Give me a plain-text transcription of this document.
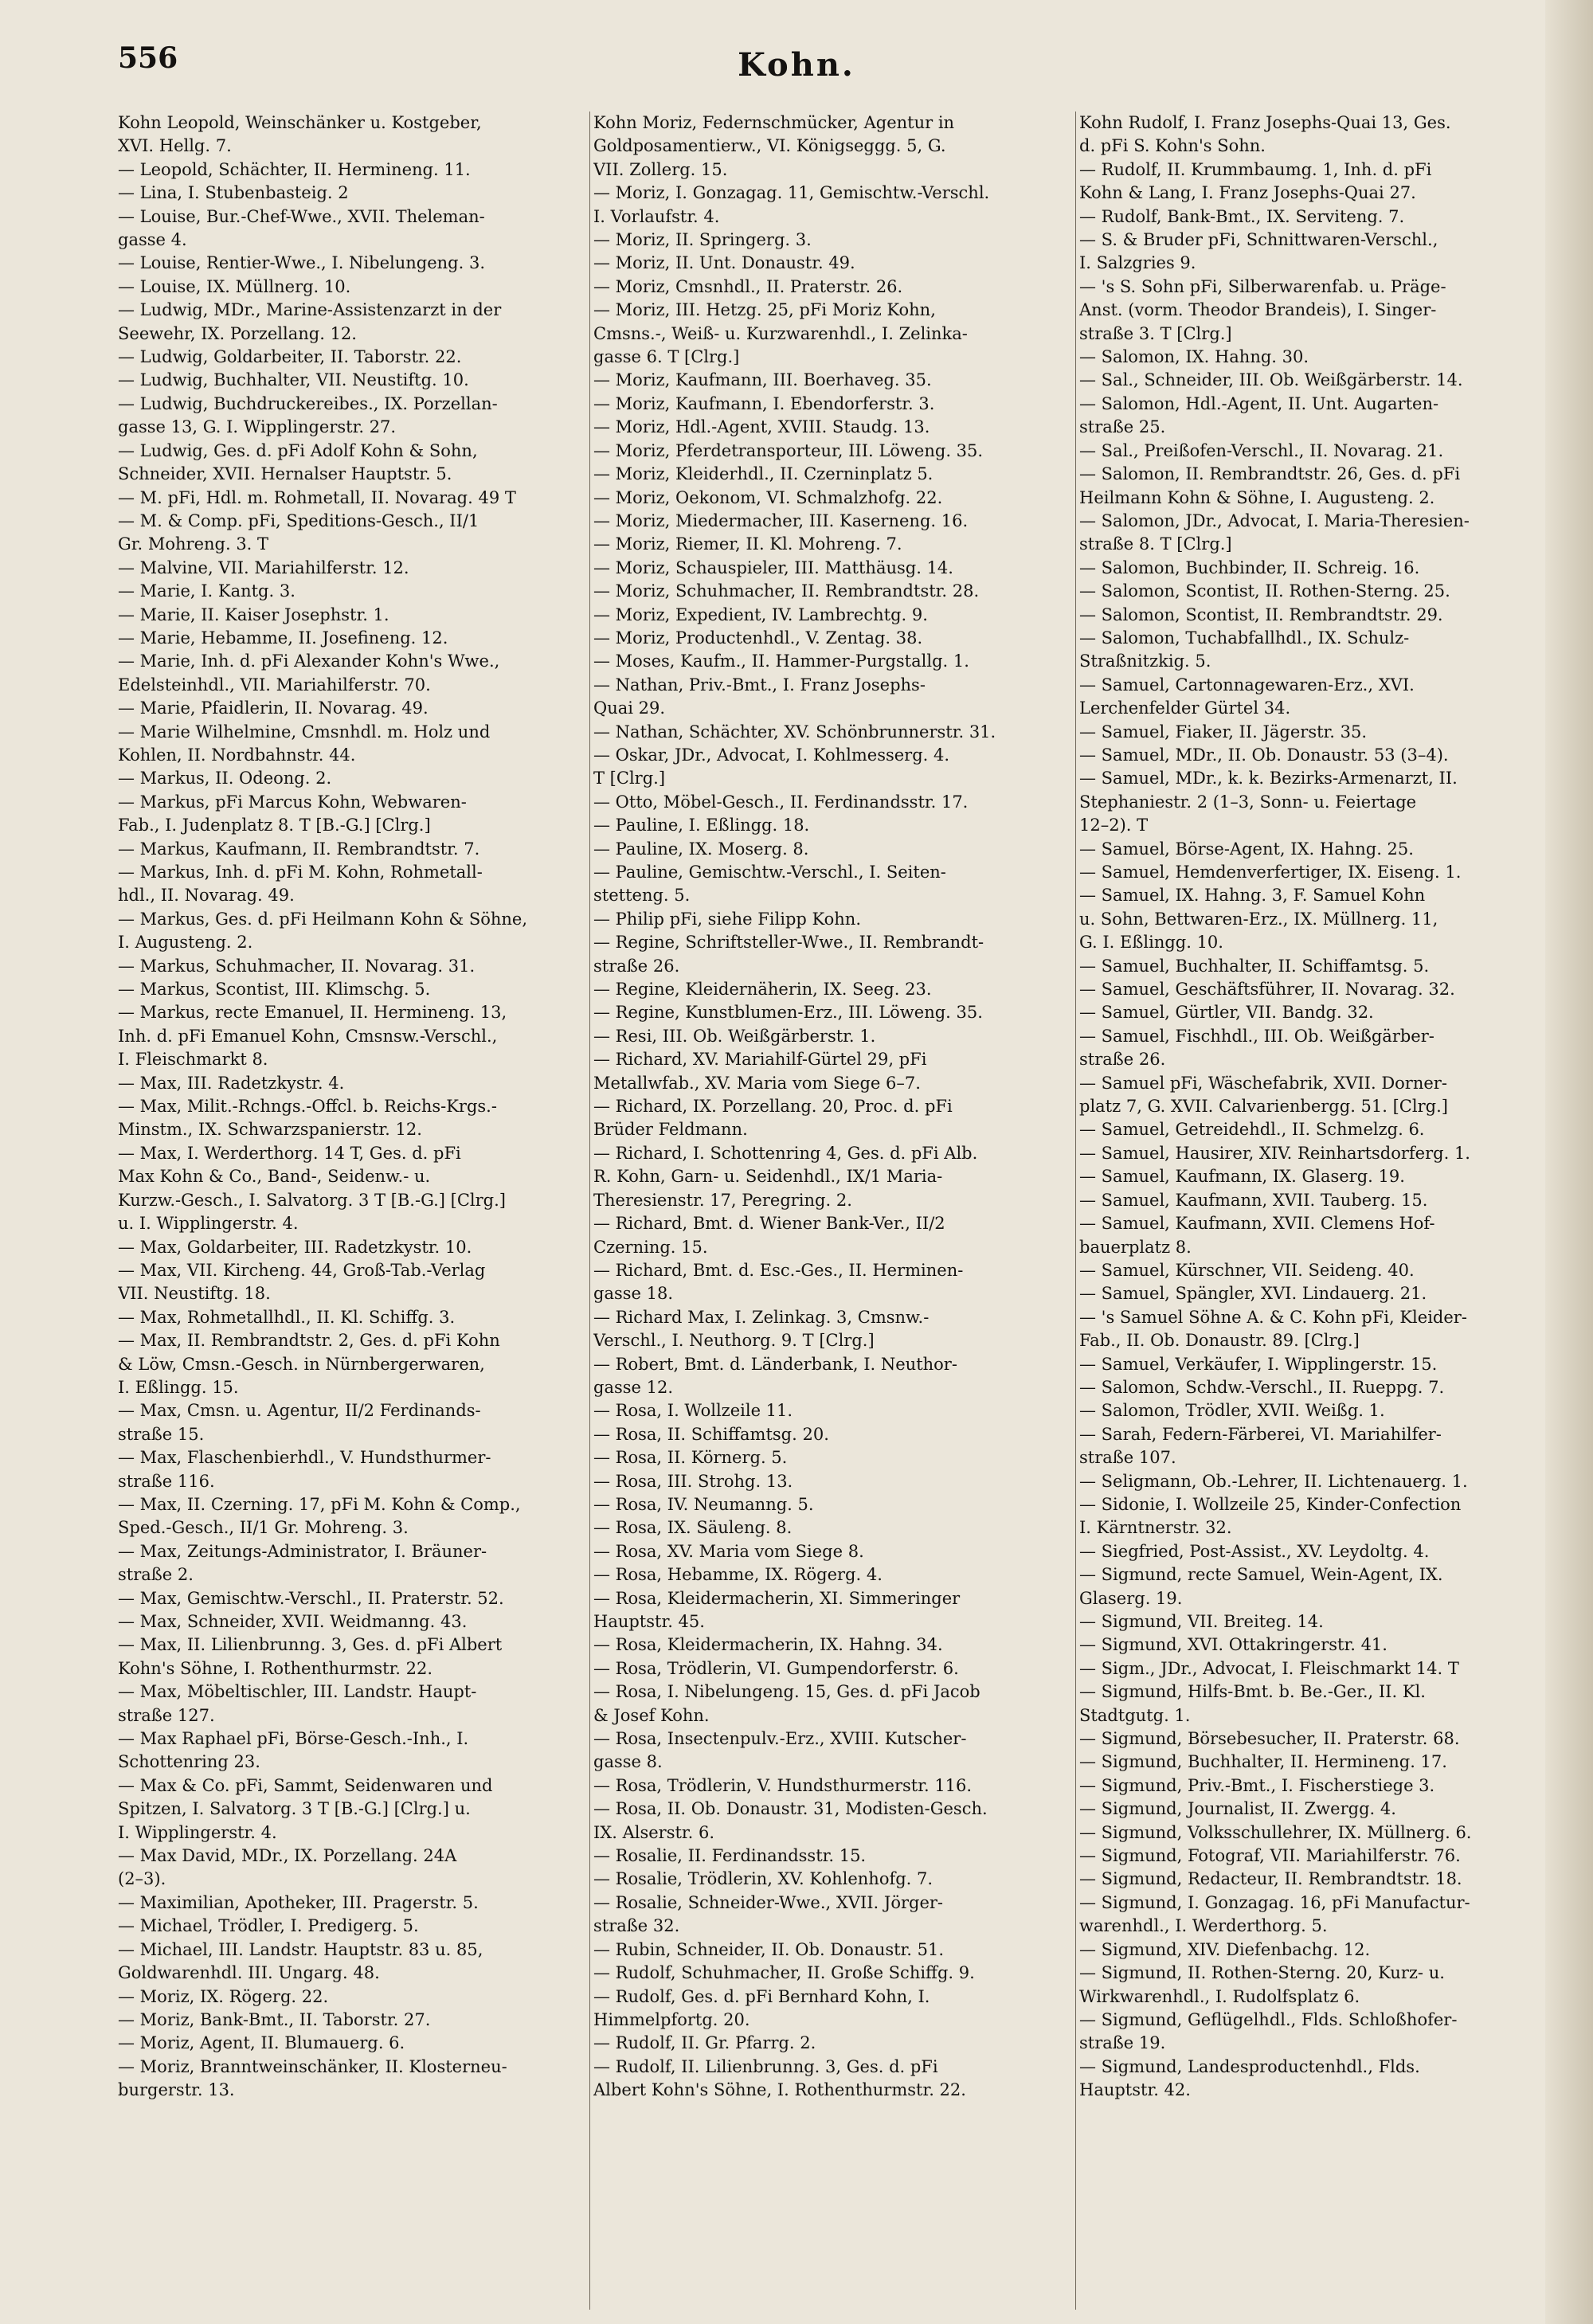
556	Kohn.
Kohn Leopold, Weinschänker u. Kostgeber,
XVI. Hellg. 7.
— Leopold, Schächter, II. Hermineng. 11.
— Lina, I. Stubenbasteig. 2
— Louise, Bur.-Chef-Wwe., XVII. Theleman-
gasse 4.
— Louise, Rentier-Wwe., I. Nibelungeng. 3.
— Louise, IX. Müllnerg. 10.
— Ludwig, MDr., Marine-Assistenzarzt in der
Seewehr, IX. Porzellang. 12.
— Ludwig, Goldarbeiter, II. Taborstr. 22.
— Ludwig, Buchhalter, VII. Neustiftg. 10.
— Ludwig, Buchdruckereibes., IX. Porzellan-
gasse 13, G. I. Wipplingerstr. 27.
— Ludwig, Ges. d. pFi Adolf Kohn & Sohn,
Schneider, XVII. Hernalser Hauptstr. 5.
— M. pFi, Hdl. m. Rohmetall, II. Novarag. 49 T
— M. & Comp. pFi, Speditions-Gesch., II/1
Gr. Mohreng. 3. T
— Malvine, VII. Mariahilferstr. 12.
— Marie, I. Kantg. 3.
— Marie, II. Kaiser Josephstr. 1.
— Marie, Hebamme, II. Josefineng. 12.
— Marie, Inh. d. pFi Alexander Kohn's Wwe.,
Edelsteinhdl., VII. Mariahilferstr. 70.
— Marie, Pfaidlerin, II. Novarag. 49.
— Marie Wilhelmine, Cmsnhdl. m. Holz und
Kohlen, II. Nordbahnstr. 44.
— Markus, II. Odeong. 2.
— Markus, pFi Marcus Kohn, Webwaren-
Fab., I. Judenplatz 8. T [B.-G.] [Clrg.]
— Markus, Kaufmann, II. Rembrandtstr. 7.
— Markus, Inh. d. pFi M. Kohn, Rohmetall-
hdl., II. Novarag. 49.
— Markus, Ges. d. pFi Heilmann Kohn & Söhne,
I. Augusteng. 2.
— Markus, Schuhmacher, II. Novarag. 31.
— Markus, Scontist, III. Klimschg. 5.
— Markus, recte Emanuel, II. Hermineng. 13,
Inh. d. pFi Emanuel Kohn, Cmsnsw.-Verschl.,
I. Fleischmarkt 8.
— Max, III. Radetzkystr. 4.
— Max, Milit.-Rchngs.-Offcl. b. Reichs-Krgs.-
Minstm., IX. Schwarzspanierstr. 12.
— Max, I. Werderthorg. 14 T, Ges. d. pFi
Max Kohn & Co., Band-, Seidenw.- u.
Kurzw.-Gesch., I. Salvatorg. 3 T [B.-G.] [Clrg.]
u. I. Wipplingerstr. 4.
— Max, Goldarbeiter, III. Radetzkystr. 10.
— Max, VII. Kircheng. 44, Groß-Tab.-Verlag
VII. Neustiftg. 18.
— Max, Rohmetallhdl., II. Kl. Schiffg. 3.
— Max, II. Rembrandtstr. 2, Ges. d. pFi Kohn
& Löw, Cmsn.-Gesch. in Nürnbergerwaren,
I. Eßlingg. 15.
— Max, Cmsn. u. Agentur, II/2 Ferdinands-
straße 15.
— Max, Flaschenbierhdl., V. Hundsthurmer-
straße 116.
— Max, II. Czerning. 17, pFi M. Kohn & Comp.,
Sped.-Gesch., II/1 Gr. Mohreng. 3.
— Max, Zeitungs-Administrator, I. Bräuner-
straße 2.
— Max, Gemischtw.-Verschl., II. Praterstr. 52.
— Max, Schneider, XVII. Weidmanng. 43.
— Max, II. Lilienbrunng. 3, Ges. d. pFi Albert
Kohn's Söhne, I. Rothenthurmstr. 22.
— Max, Möbeltischler, III. Landstr. Haupt-
straße 127.
— Max Raphael pFi, Börse-Gesch.-Inh., I.
Schottenring 23.
— Max & Co. pFi, Sammt, Seidenwaren und
Spitzen, I. Salvatorg. 3 T [B.-G.] [Clrg.] u.
I. Wipplingerstr. 4.
— Max David, MDr., IX. Porzellang. 24A
(2–3).
— Maximilian, Apotheker, III. Pragerstr. 5.
— Michael, Trödler, I. Predigerg. 5.
— Michael, III. Landstr. Hauptstr. 83 u. 85,
Goldwarenhdl. III. Ungarg. 48.
— Moriz, IX. Rögerg. 22.
— Moriz, Bank-Bmt., II. Taborstr. 27.
— Moriz, Agent, II. Blumauerg. 6.
— Moriz, Branntweinschänker, II. Klosterneu-
burgerstr. 13.
Kohn Moriz, Federnschmücker, Agentur in
Goldposamentierw., VI. Königseggg. 5, G.
VII. Zollerg. 15.
— Moriz, I. Gonzagag. 11, Gemischtw.-Verschl.
I. Vorlaufstr. 4.
— Moriz, II. Springerg. 3.
— Moriz, II. Unt. Donaustr. 49.
— Moriz, Cmsnhdl., II. Praterstr. 26.
— Moriz, III. Hetzg. 25, pFi Moriz Kohn,
Cmsns.-, Weiß- u. Kurzwarenhdl., I. Zelinka-
gasse 6. T [Clrg.]
— Moriz, Kaufmann, III. Boerhaveg. 35.
— Moriz, Kaufmann, I. Ebendorferstr. 3.
— Moriz, Hdl.-Agent, XVIII. Staudg. 13.
— Moriz, Pferdetransporteur, III. Löweng. 35.
— Moriz, Kleiderhdl., II. Czerninplatz 5.
— Moriz, Oekonom, VI. Schmalzhofg. 22.
— Moriz, Miedermacher, III. Kaserneng. 16.
— Moriz, Riemer, II. Kl. Mohreng. 7.
— Moriz, Schauspieler, III. Matthäusg. 14.
— Moriz, Schuhmacher, II. Rembrandtstr. 28.
— Moriz, Expedient, IV. Lambrechtg. 9.
— Moriz, Productenhdl., V. Zentag. 38.
— Moses, Kaufm., II. Hammer-Purgstallg. 1.
— Nathan, Priv.-Bmt., I. Franz Josephs-
Quai 29.
— Nathan, Schächter, XV. Schönbrunnerstr. 31.
— Oskar, JDr., Advocat, I. Kohlmesserg. 4.
T [Clrg.]
— Otto, Möbel-Gesch., II. Ferdinandsstr. 17.
— Pauline, I. Eßlingg. 18.
— Pauline, IX. Moserg. 8.
— Pauline, Gemischtw.-Verschl., I. Seiten-
stetteng. 5.
— Philip pFi, siehe Filipp Kohn.
— Regine, Schriftsteller-Wwe., II. Rembrandt-
straße 26.
— Regine, Kleidernäherin, IX. Seeg. 23.
— Regine, Kunstblumen-Erz., III. Löweng. 35.
— Resi, III. Ob. Weißgärberstr. 1.
— Richard, XV. Mariahilf-Gürtel 29, pFi
Metallwfab., XV. Maria vom Siege 6–7.
— Richard, IX. Porzellang. 20, Proc. d. pFi
Brüder Feldmann.
— Richard, I. Schottenring 4, Ges. d. pFi Alb.
R. Kohn, Garn- u. Seidenhdl., IX/1 Maria-
Theresienstr. 17, Peregring. 2.
— Richard, Bmt. d. Wiener Bank-Ver., II/2
Czerning. 15.
— Richard, Bmt. d. Esc.-Ges., II. Herminen-
gasse 18.
— Richard Max, I. Zelinkag. 3, Cmsnw.-
Verschl., I. Neuthorg. 9. T [Clrg.]
— Robert, Bmt. d. Länderbank, I. Neuthor-
gasse 12.
— Rosa, I. Wollzeile 11.
— Rosa, II. Schiffamtsg. 20.
— Rosa, II. Körnerg. 5.
— Rosa, III. Strohg. 13.
— Rosa, IV. Neumanng. 5.
— Rosa, IX. Säuleng. 8.
— Rosa, XV. Maria vom Siege 8.
— Rosa, Hebamme, IX. Rögerg. 4.
— Rosa, Kleidermacherin, XI. Simmeringer
Hauptstr. 45.
— Rosa, Kleidermacherin, IX. Hahng. 34.
— Rosa, Trödlerin, VI. Gumpendorferstr. 6.
— Rosa, I. Nibelungeng. 15, Ges. d. pFi Jacob
& Josef Kohn.
— Rosa, Insectenpulv.-Erz., XVIII. Kutscher-
gasse 8.
— Rosa, Trödlerin, V. Hundsthurmerstr. 116.
— Rosa, II. Ob. Donaustr. 31, Modisten-Gesch.
IX. Alserstr. 6.
— Rosalie, II. Ferdinandsstr. 15.
— Rosalie, Trödlerin, XV. Kohlenhofg. 7.
— Rosalie, Schneider-Wwe., XVII. Jörger-
straße 32.
— Rubin, Schneider, II. Ob. Donaustr. 51.
— Rudolf, Schuhmacher, II. Große Schiffg. 9.
— Rudolf, Ges. d. pFi Bernhard Kohn, I.
Himmelpfortg. 20.
— Rudolf, II. Gr. Pfarrg. 2.
— Rudolf, II. Lilienbrunng. 3, Ges. d. pFi
Albert Kohn's Söhne, I. Rothenthurmstr. 22.
Kohn Rudolf, I. Franz Josephs-Quai 13, Ges.
d. pFi S. Kohn's Sohn.
— Rudolf, II. Krummbaumg. 1, Inh. d. pFi
Kohn & Lang, I. Franz Josephs-Quai 27.
— Rudolf, Bank-Bmt., IX. Serviteng. 7.
— S. & Bruder pFi, Schnittwaren-Verschl.,
I. Salzgries 9.
— 's S. Sohn pFi, Silberwarenfab. u. Präge-
Anst. (vorm. Theodor Brandeis), I. Singer-
straße 3. T [Clrg.]
— Salomon, IX. Hahng. 30.
— Sal., Schneider, III. Ob. Weißgärberstr. 14.
— Salomon, Hdl.-Agent, II. Unt. Augarten-
straße 25.
— Sal., Preißofen-Verschl., II. Novarag. 21.
— Salomon, II. Rembrandtstr. 26, Ges. d. pFi
Heilmann Kohn & Söhne, I. Augusteng. 2.
— Salomon, JDr., Advocat, I. Maria-Theresien-
straße 8. T [Clrg.]
— Salomon, Buchbinder, II. Schreig. 16.
— Salomon, Scontist, II. Rothen-Sterng. 25.
— Salomon, Scontist, II. Rembrandtstr. 29.
— Salomon, Tuchabfallhdl., IX. Schulz-
Straßnitzkig. 5.
— Samuel, Cartonnagewaren-Erz., XVI.
Lerchenfelder Gürtel 34.
— Samuel, Fiaker, II. Jägerstr. 35.
— Samuel, MDr., II. Ob. Donaustr. 53 (3–4).
— Samuel, MDr., k. k. Bezirks-Armenarzt, II.
Stephaniestr. 2 (1–3, Sonn- u. Feiertage
12–2). T
— Samuel, Börse-Agent, IX. Hahng. 25.
— Samuel, Hemdenverfertiger, IX. Eiseng. 1.
— Samuel, IX. Hahng. 3, F. Samuel Kohn
u. Sohn, Bettwaren-Erz., IX. Müllnerg. 11,
G. I. Eßlingg. 10.
— Samuel, Buchhalter, II. Schiffamtsg. 5.
— Samuel, Geschäftsführer, II. Novarag. 32.
— Samuel, Gürtler, VII. Bandg. 32.
— Samuel, Fischhdl., III. Ob. Weißgärber-
straße 26.
— Samuel pFi, Wäschefabrik, XVII. Dorner-
platz 7, G. XVII. Calvarienbergg. 51. [Clrg.]
— Samuel, Getreidehdl., II. Schmelzg. 6.
— Samuel, Hausirer, XIV. Reinhartsdorferg. 1.
— Samuel, Kaufmann, IX. Glaserg. 19.
— Samuel, Kaufmann, XVII. Tauberg. 15.
— Samuel, Kaufmann, XVII. Clemens Hof-
bauerplatz 8.
— Samuel, Kürschner, VII. Seideng. 40.
— Samuel, Spängler, XVI. Lindauerg. 21.
— 's Samuel Söhne A. & C. Kohn pFi, Kleider-
Fab., II. Ob. Donaustr. 89. [Clrg.]
— Samuel, Verkäufer, I. Wipplingerstr. 15.
— Salomon, Schdw.-Verschl., II. Rueppg. 7.
— Salomon, Trödler, XVII. Weißg. 1.
— Sarah, Federn-Färberei, VI. Mariahilfer-
straße 107.
— Seligmann, Ob.-Lehrer, II. Lichtenauerg. 1.
— Sidonie, I. Wollzeile 25, Kinder-Confection
I. Kärntnerstr. 32.
— Siegfried, Post-Assist., XV. Leydoltg. 4.
— Sigmund, recte Samuel, Wein-Agent, IX.
Glaserg. 19.
— Sigmund, VII. Breiteg. 14.
— Sigmund, XVI. Ottakringerstr. 41.
— Sigm., JDr., Advocat, I. Fleischmarkt 14. T
— Sigmund, Hilfs-Bmt. b. Be.-Ger., II. Kl.
Stadtgutg. 1.
— Sigmund, Börsebesucher, II. Praterstr. 68.
— Sigmund, Buchhalter, II. Hermineng. 17.
— Sigmund, Priv.-Bmt., I. Fischerstiege 3.
— Sigmund, Journalist, II. Zwergg. 4.
— Sigmund, Volksschullehrer, IX. Müllnerg. 6.
— Sigmund, Fotograf, VII. Mariahilferstr. 76.
— Sigmund, Redacteur, II. Rembrandtstr. 18.
— Sigmund, I. Gonzagag. 16, pFi Manufactur-
warenhdl., I. Werderthorg. 5.
— Sigmund, XIV. Diefenbachg. 12.
— Sigmund, II. Rothen-Sterng. 20, Kurz- u.
Wirkwarenhdl., I. Rudolfsplatz 6.
— Sigmund, Geflügelhdl., Flds. Schloßhofer-
straße 19.
— Sigmund, Landesproductenhdl., Flds.
Hauptstr. 42.
